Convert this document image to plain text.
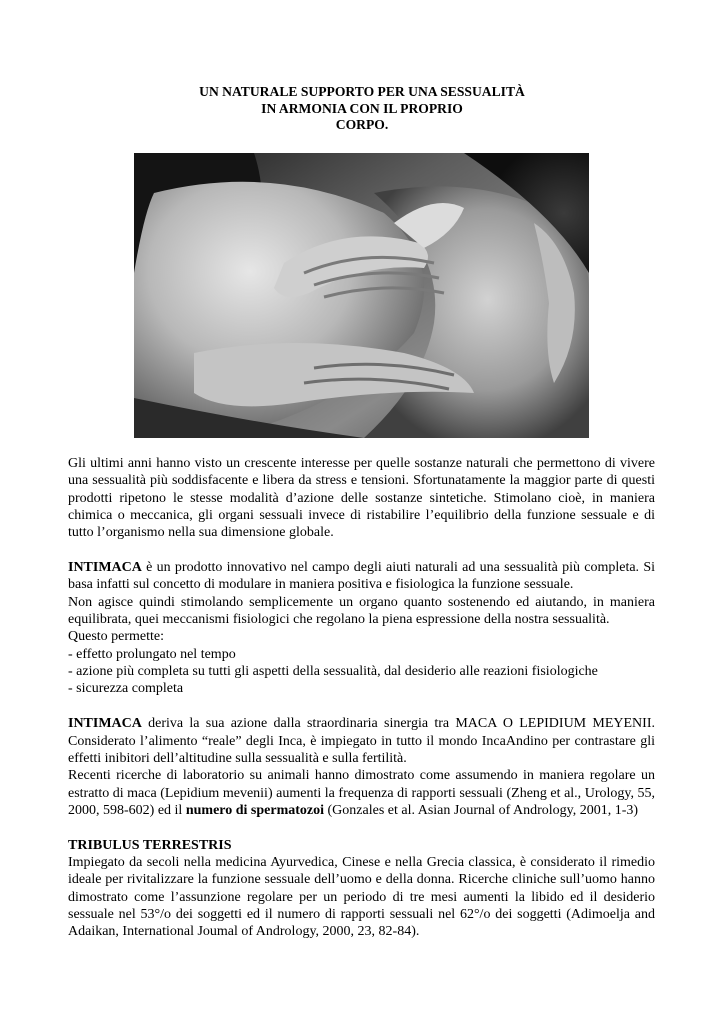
UN NATURALE SUPPORTO PER UNA SESSUALITÀ
IN ARMONIA CON IL PROPRIO
CORPO.

Gli ultimi anni hanno visto un crescente interesse per quelle sostanze naturali che permettono di vivere una sessualità più soddisfacente e libera da stress e tensioni. Sfortunatamente la maggior parte di questi prodotti ripetono le stesse modalità d’azione delle sostanze sintetiche. Stimolano cioè, in maniera chimica o meccanica, gli organi sessuali invece di ristabilire l’equilibrio della funzione sessuale e di tutto l’organismo nella sua dimensione globale.

INTIMACA è un prodotto innovativo nel campo degli aiuti naturali ad una sessualità più completa. Si basa infatti sul concetto di modulare in maniera positiva e fisiologica la funzione sessuale.

Non agisce quindi stimolando semplicemente un organo quanto sostenendo ed aiutando, in maniera equilibrata, quei meccanismi fisiologici che regolano la piena espressione della nostra sessualità.

Questo permette:

- effetto prolungato nel tempo

- azione più completa su tutti gli aspetti della sessualità, dal desiderio alle reazioni fisiologiche

- sicurezza completa

INTIMACA deriva la sua azione dalla straordinaria sinergia tra MACA O LEPIDIUM MEYENII. Considerato l’alimento “reale” degli Inca, è impiegato in tutto il mondo IncaAndino per contrastare gli effetti inibitori dell’altitudine sulla sessualità e sulla fertilità.

Recenti ricerche di laboratorio su animali hanno dimostrato come assumendo in maniera regolare un estratto di maca (Lepidium mevenii) aumenti la frequenza di rapporti sessuali (Zheng et al., Urology, 55, 2000, 598-602) ed il numero di spermatozoi (Gonzales et al. Asian Journal of Andrology, 2001, 1-3)

TRIBULUS TERRESTRIS

Impiegato da secoli nella medicina Ayurvedica, Cinese e nella Grecia classica, è considerato il rimedio ideale per rivitalizzare la funzione sessuale dell’uomo e della donna. Ricerche cliniche sull’uomo hanno dimostrato come l’assunzione regolare per un periodo di tre mesi aumenti la libido ed il desiderio sessuale nel 53°/o dei soggetti ed il numero di rapporti sessuali nel 62°/o dei soggetti (Adimoelja and Adaikan, International Joumal of Andrology, 2000, 23, 82-84).
